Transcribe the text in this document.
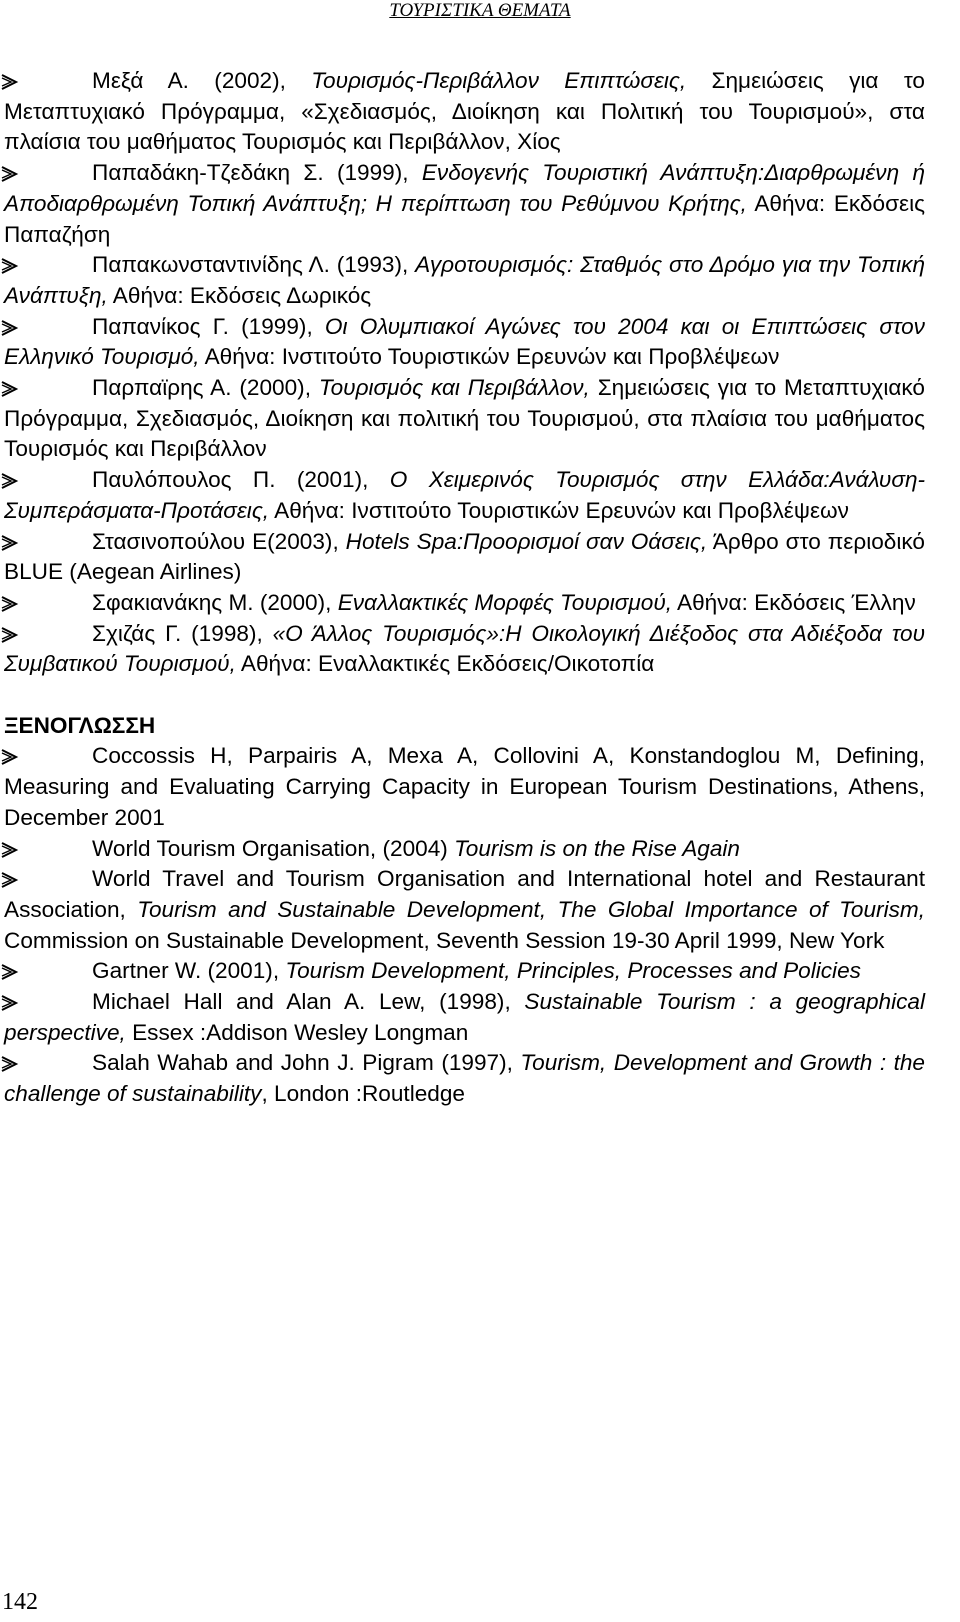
ΤΟΥΡΙΣΤΙΚΑ ΘΕΜΑΤΑ

Μεξά Α. (2002), Τουρισμός-Περιβάλλον Επιπτώσεις, Σημειώσεις για το Μεταπτυχιακό Πρόγραμμα, «Σχεδιασμός, Διοίκηση και Πολιτική του Τουρισμού», στα πλαίσια του μαθήματος Τουρισμός και Περιβάλλον, Χίος

Παπαδάκη-Τζεδάκη Σ. (1999), Ενδογενής Τουριστική Ανάπτυξη:Διαρθρωμένη ή Αποδιαρθρωμένη Τοπική Ανάπτυξη; Η περίπτωση του Ρεθύμνου Κρήτης, Αθήνα: Εκδόσεις Παπαζήση

Παπακωνσταντινίδης Λ. (1993), Αγροτουρισμός: Σταθμός στο Δρόμο για την Τοπική Ανάπτυξη, Αθήνα: Εκδόσεις Δωρικός

Παπανίκος Γ. (1999), Οι Ολυμπιακοί Αγώνες του 2004 και οι Επιπτώσεις στον Ελληνικό Τουρισμό, Αθήνα: Ινστιτούτο Τουριστικών Ερευνών και Προβλέψεων

Παρπαϊρης Α. (2000), Τουρισμός και Περιβάλλον, Σημειώσεις για το Μεταπτυχιακό Πρόγραμμα, Σχεδιασμός, Διοίκηση και πολιτική του Τουρισμού, στα πλαίσια του μαθήματος Τουρισμός και Περιβάλλον

Παυλόπουλος Π. (2001), Ο Χειμερινός Τουρισμός στην Ελλάδα:Ανάλυση-Συμπεράσματα-Προτάσεις, Αθήνα: Ινστιτούτο Τουριστικών Ερευνών και Προβλέψεων

Στασινοπούλου Ε(2003), Hotels Spa:Προορισμοί σαν Οάσεις, Άρθρο στο περιοδικό BLUE (Aegean Airlines)

Σφακιανάκης Μ. (2000), Εναλλακτικές Μορφές Τουρισμού, Αθήνα: Εκδόσεις Έλλην

Σχιζάς Γ. (1998), «Ο Άλλος Τουρισμός»:Η Οικολογική Διέξοδος στα Αδιέξοδα του Συμβατικού Τουρισμού, Αθήνα: Εναλλακτικές Εκδόσεις/Οικοτοπία

ΞΕΝΟΓΛΩΣΣΗ

Coccossis H, Parpairis A, Mexa A, Collovini A, Konstandoglou M, Defining, Measuring and Evaluating Carrying Capacity in European Tourism Destinations, Athens, December 2001

World Tourism Organisation, (2004) Tourism is on the Rise Again

World Travel and Tourism Organisation and International hotel and Restaurant Association, Tourism and Sustainable Development, The Global Importance of Tourism, Commission on Sustainable Development, Seventh Session 19-30 April 1999, New York

Gartner W. (2001), Tourism Development, Principles, Processes and Policies

Michael Hall and Alan A. Lew, (1998), Sustainable Tourism : a geographical perspective, Essex :Addison Wesley Longman

Salah Wahab and John J. Pigram (1997), Tourism, Development and Growth : the challenge of sustainability, London :Routledge

142
